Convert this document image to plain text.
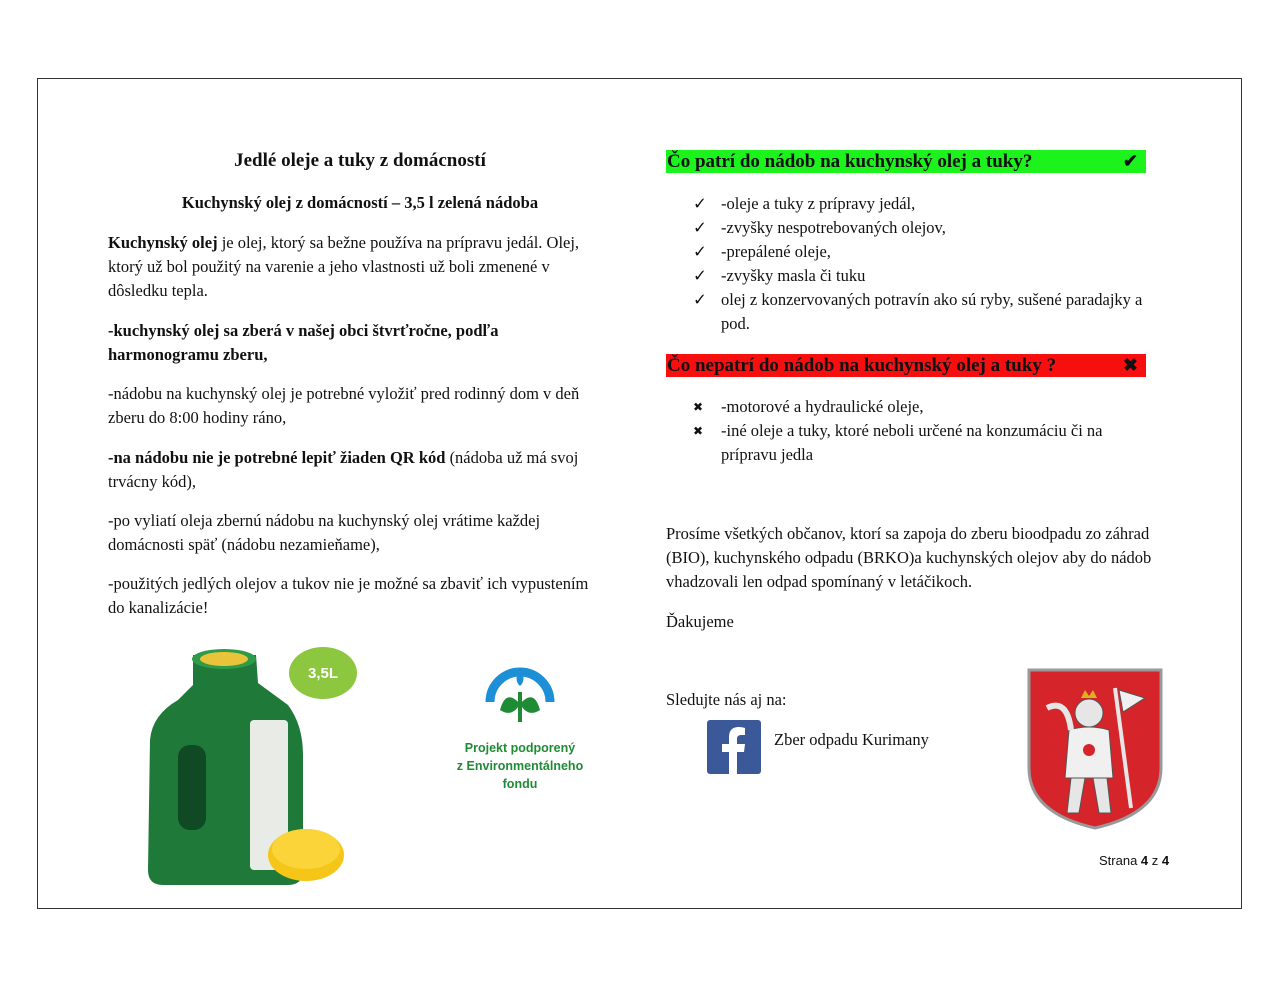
Jedlé oleje a tuky z domácností
Kuchynský olej z domácností – 3,5 l zelená nádoba
Kuchynský olej je olej, ktorý sa bežne používa na prípravu jedál. Olej, ktorý už bol použitý na varenie a jeho vlastnosti už boli zmenené v dôsledku tepla.
-kuchynský olej sa zberá v našej obci štvrťročne, podľa harmonogramu zberu,
-nádobu na kuchynský olej je potrebné vyložiť pred rodinný dom v deň zberu do 8:00 hodiny ráno,
-na nádobu nie je potrebné lepiť žiaden QR kód (nádoba už má svoj trvácny kód),
-po vyliatí oleja zbernú nádobu na kuchynský olej vrátime každej domácnosti späť (nádobu nezamieňame),
-použitých jedlých olejov a tukov nie je možné sa zbaviť ich vypustením do kanalizácie!
3,5L
Projekt podporený
z Environmentálneho
fondu
Čo patrí do nádob na kuchynský olej a tuky?	✔
✓ -oleje a tuky z prípravy jedál,
✓ -zvyšky nespotrebovaných olejov,
✓ -prepálené oleje,
✓ -zvyšky masla či tuku
✓ olej z konzervovaných potravín ako sú ryby, sušené paradajky a pod.
Čo nepatrí do nádob na kuchynský olej a tuky ?	✖
✖	-motorové a hydraulické oleje,
✖	-iné oleje a tuky, ktoré neboli určené na konzumáciu či na prípravu jedla
Prosíme všetkých občanov, ktorí sa zapoja do zberu bioodpadu zo záhrad (BIO), kuchynského odpadu (BRKO)a kuchynských olejov aby do nádob vhadzovali len odpad spomínaný v letáčikoch.
Ďakujeme
Sledujte nás aj na:
Zber odpadu Kurimany
Strana 4 z 4
